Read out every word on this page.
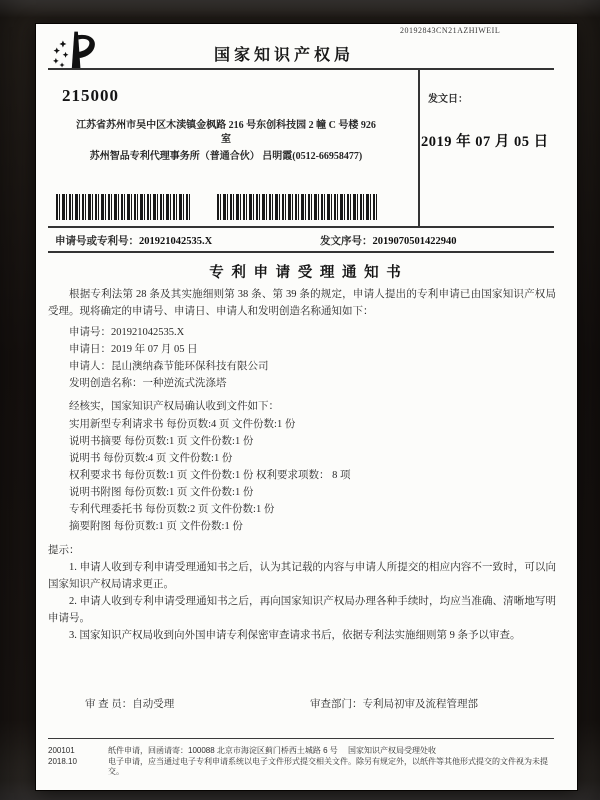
20192843CN21AZHIWEIL
国 家 知 识 产 权 局
215000
江苏省苏州市吴中区木渎镇金枫路 216 号东创科技园 2 幢 C 号楼 926
室
苏州智品专利代理事务所（普通合伙） 吕明霞(0512-66958477)
发文日：
2019 年 07 月 05 日
申请号或专利号：201921042535.X	发文序号：2019070501422940
专 利 申 请 受 理 通 知 书
根据专利法第 28 条及其实施细则第 38 条、第 39 条的规定，申请人提出的专利申请已由国家知识产权局受理。现将确定的申请号、申请日、申请人和发明创造名称通知如下：
申请号：201921042535.X
申请日：2019 年 07 月 05 日
申请人：昆山澳纳森节能环保科技有限公司
发明创造名称：一种逆流式洗涤塔
经核实，国家知识产权局确认收到文件如下：
实用新型专利请求书 每份页数:4 页 文件份数:1 份
说明书摘要 每份页数:1 页 文件份数:1 份
说明书 每份页数:4 页 文件份数:1 份
权利要求书 每份页数:1 页 文件份数:1 份 权利要求项数： 8 项
说明书附图 每份页数:1 页 文件份数:1 份
专利代理委托书 每份页数:2 页 文件份数:1 份
摘要附图 每份页数:1 页 文件份数:1 份

提示：

1. 申请人收到专利申请受理通知书之后，认为其记载的内容与申请人所提交的相应内容不一致时，可以向国家知识产权局请求更正。

2. 申请人收到专利申请受理通知书之后，再向国家知识产权局办理各种手续时，均应当准确、清晰地写明申请号。

3. 国家知识产权局收到向外国申请专利保密审查请求书后，依据专利法实施细则第 9 条予以审查。

审 查 员：自动受理	审查部门：专利局初审及流程管理部
200101	纸件申请，回函请寄：100088 北京市海淀区蓟门桥西土城路 6 号　 国家知识产权局受理处收
2018.10	电子申请，应当通过电子专利申请系统以电子文件形式提交相关文件。除另有规定外，以纸件等其他形式提交的文件视为未提交。
